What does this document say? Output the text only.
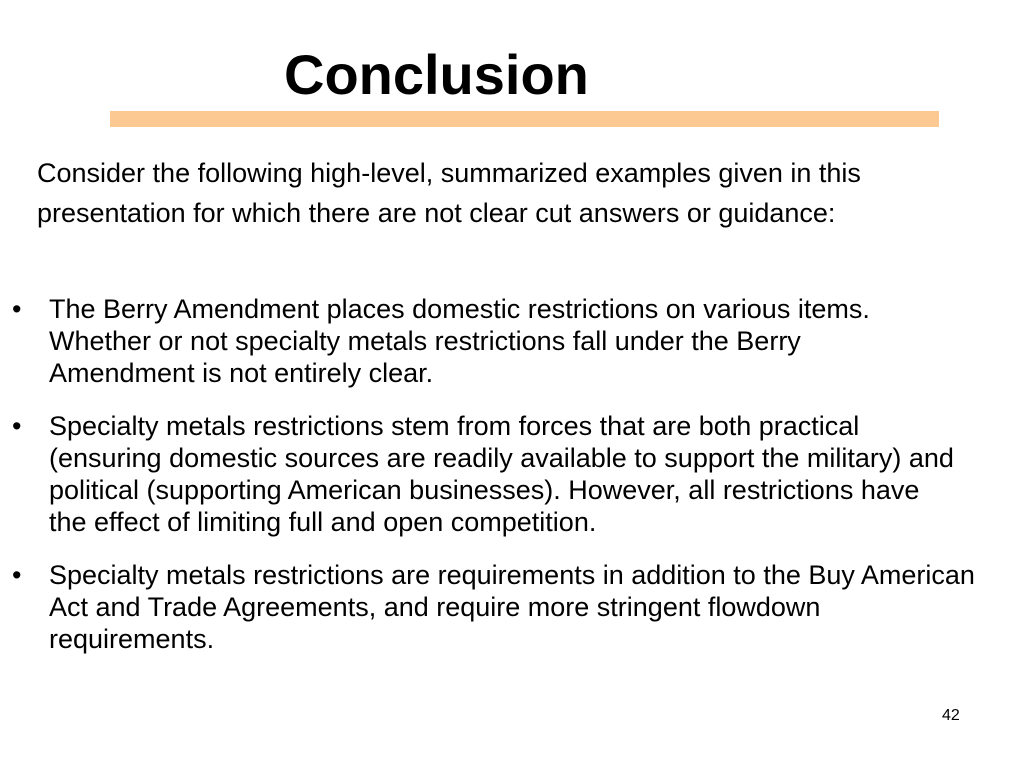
Conclusion
Consider the following high-level, summarized examples given in this presentation for which there are not clear cut answers or guidance:
• The Berry Amendment places domestic restrictions on various items. Whether or not specialty metals restrictions fall under the Berry Amendment is not entirely clear.
• Specialty metals restrictions stem from forces that are both practical (ensuring domestic sources are readily available to support the military) and political (supporting American businesses). However, all restrictions have the effect of limiting full and open competition.
• Specialty metals restrictions are requirements in addition to the Buy American Act and Trade Agreements, and require more stringent flowdown requirements.
42
